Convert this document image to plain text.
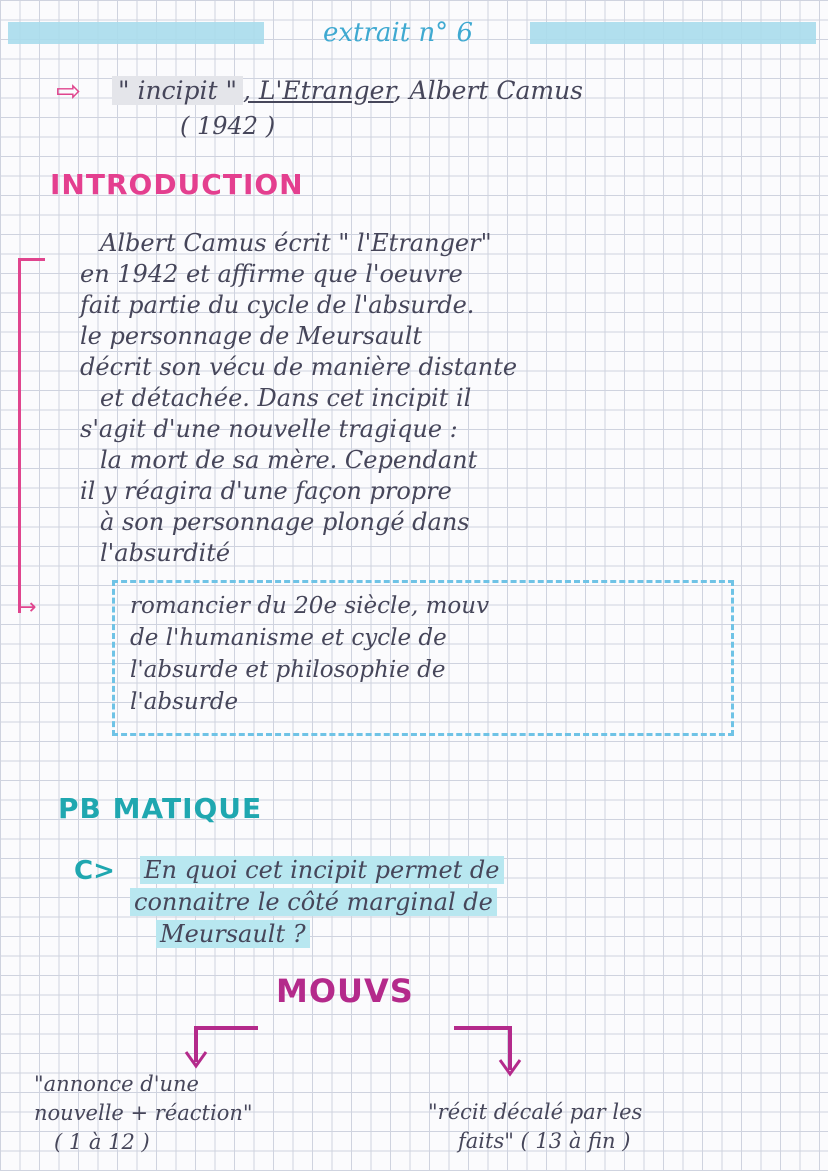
extrait n° 6
⇨ " incipit " , L'Etranger, Albert Camus
( 1942 )
INTRODUCTION
→
Albert Camus écrit " l'Etranger"
en 1942 et affirme que l'oeuvre
fait partie du cycle de l'absurde.
le personnage de Meursault
décrit son vécu de manière distante
et détachée. Dans cet incipit il
s'agit d'une nouvelle tragique :
la mort de sa mère. Cependant
il y réagira d'une façon propre
à son personnage plongé dans
l'absurdité
romancier du 20e siècle, mouv
de l'humanisme et cycle de
l'absurde et philosophie de
l'absurde
PB MATIQUE
C> En quoi cet incipit permet de
connaitre le côté marginal de
Meursault ?
MOUVS
"annonce d'une
nouvelle + réaction"
( 1 à 12 )
"récit décalé par les
faits" ( 13 à fin )
